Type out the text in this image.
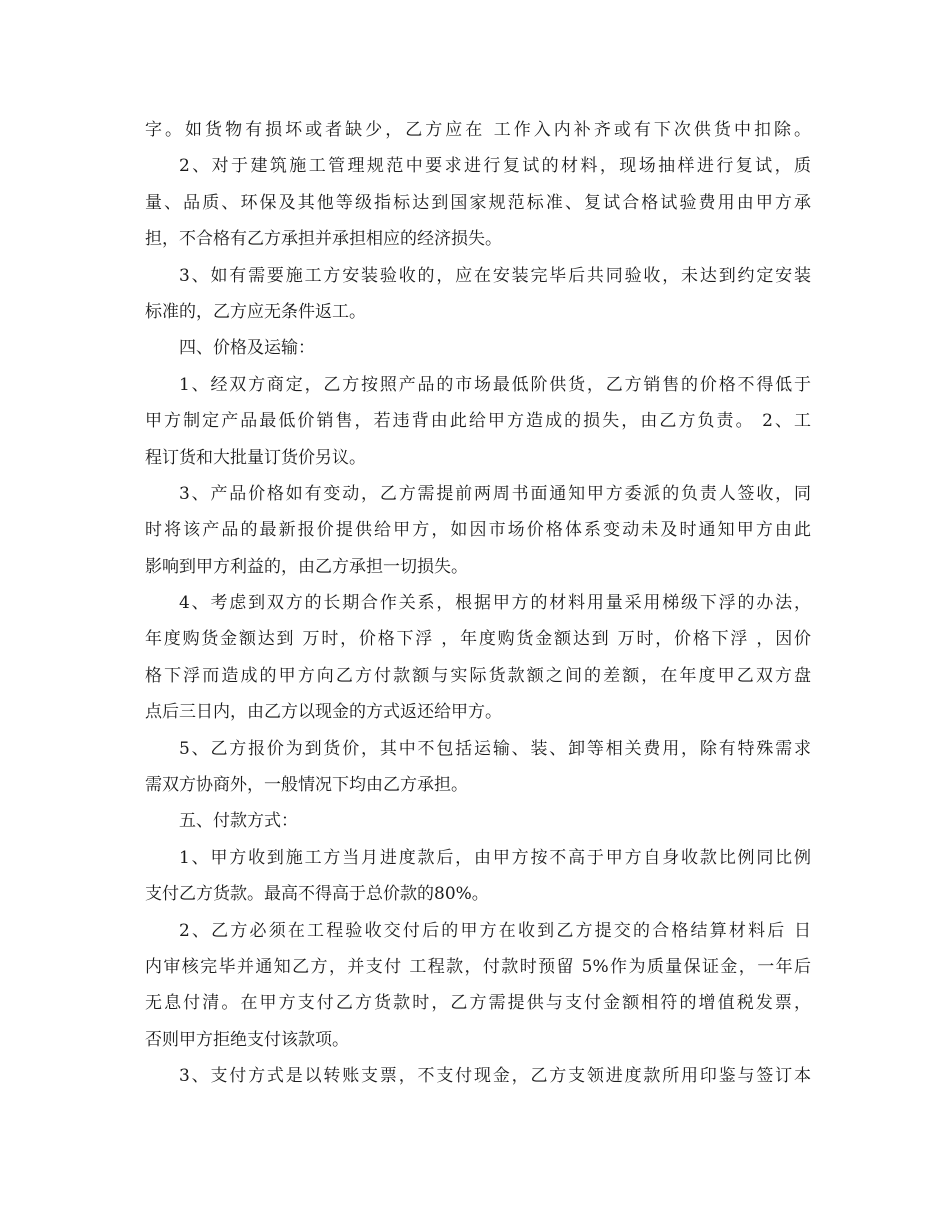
字。如货物有损坏或者缺少，乙方应在 工作入内补齐或有下次供货中扣除。
2、对于建筑施工管理规范中要求进行复试的材料，现场抽样进行复试，质
量、品质、环保及其他等级指标达到国家规范标准、复试合格试验费用由甲方承
担，不合格有乙方承担并承担相应的经济损失。
3、如有需要施工方安装验收的，应在安装完毕后共同验收，未达到约定安装
标准的，乙方应无条件返工。
四、价格及运输：
1、经双方商定，乙方按照产品的市场最低阶供货，乙方销售的价格不得低于
甲方制定产品最低价销售，若违背由此给甲方造成的损失，由乙方负责。 2、工
程订货和大批量订货价另议。
3、产品价格如有变动，乙方需提前两周书面通知甲方委派的负责人签收，同
时将该产品的最新报价提供给甲方，如因市场价格体系变动未及时通知甲方由此
影响到甲方利益的，由乙方承担一切损失。
4、考虑到双方的长期合作关系，根据甲方的材料用量采用梯级下浮的办法，
年度购货金额达到 万时，价格下浮 ，年度购货金额达到 万时，价格下浮 ，因价
格下浮而造成的甲方向乙方付款额与实际货款额之间的差额，在年度甲乙双方盘
点后三日内，由乙方以现金的方式返还给甲方。
5、乙方报价为到货价，其中不包括运输、装、卸等相关费用，除有特殊需求
需双方协商外，一般情况下均由乙方承担。
五、付款方式：
1、甲方收到施工方当月进度款后，由甲方按不高于甲方自身收款比例同比例
支付乙方货款。最高不得高于总价款的80%。
2、乙方必须在工程验收交付后的甲方在收到乙方提交的合格结算材料后 日
内审核完毕并通知乙方，并支付 工程款，付款时预留 5%作为质量保证金，一年后
无息付清。在甲方支付乙方货款时，乙方需提供与支付金额相符的增值税发票，
否则甲方拒绝支付该款项。
3、支付方式是以转账支票，不支付现金，乙方支领进度款所用印鉴与签订本
